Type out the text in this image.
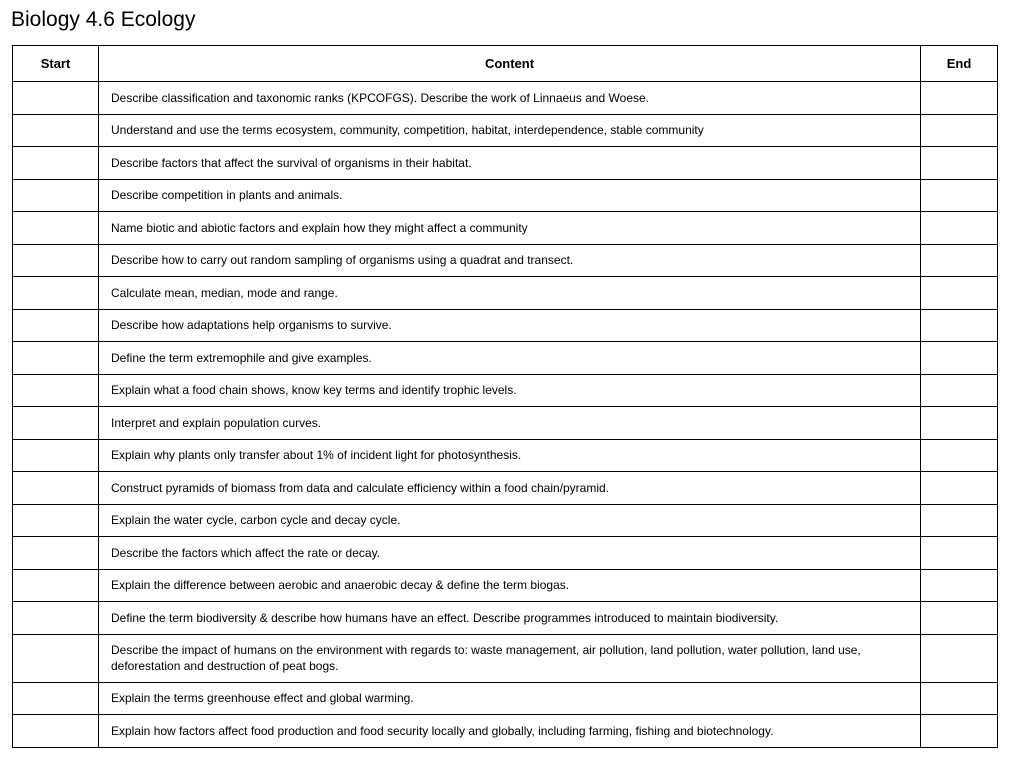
Biology 4.6 Ecology
Start	Content	End
	Describe classification and taxonomic ranks (KPCOFGS). Describe the work of Linnaeus and Woese.	
	Understand and use the terms ecosystem, community, competition, habitat, interdependence, stable community	
	Describe factors that affect the survival of organisms in their habitat.	
	Describe competition in plants and animals.	
	Name biotic and abiotic factors and explain how they might affect a community	
	Describe how to carry out random sampling of organisms using a quadrat and transect.	
	Calculate mean, median, mode and range.	
	Describe how adaptations help organisms to survive.	
	Define the term extremophile and give examples.	
	Explain what a food chain shows, know key terms and identify trophic levels.	
	Interpret and explain population curves.	
	Explain why plants only transfer about 1% of incident light for photosynthesis.	
	Construct pyramids of biomass from data and calculate efficiency within a food chain/pyramid.	
	Explain the water cycle, carbon cycle and decay cycle.	
	Describe the factors which affect the rate or decay.	
	Explain the difference between aerobic and anaerobic decay & define the term biogas.	
	Define the term biodiversity & describe how humans have an effect. Describe programmes introduced to maintain biodiversity.	
	Describe the impact of humans on the environment with regards to: waste management, air pollution, land pollution, water pollution, land use, deforestation and destruction of peat bogs.	
	Explain the terms greenhouse effect and global warming.	
	Explain how factors affect food production and food security locally and globally, including farming, fishing and biotechnology.	
